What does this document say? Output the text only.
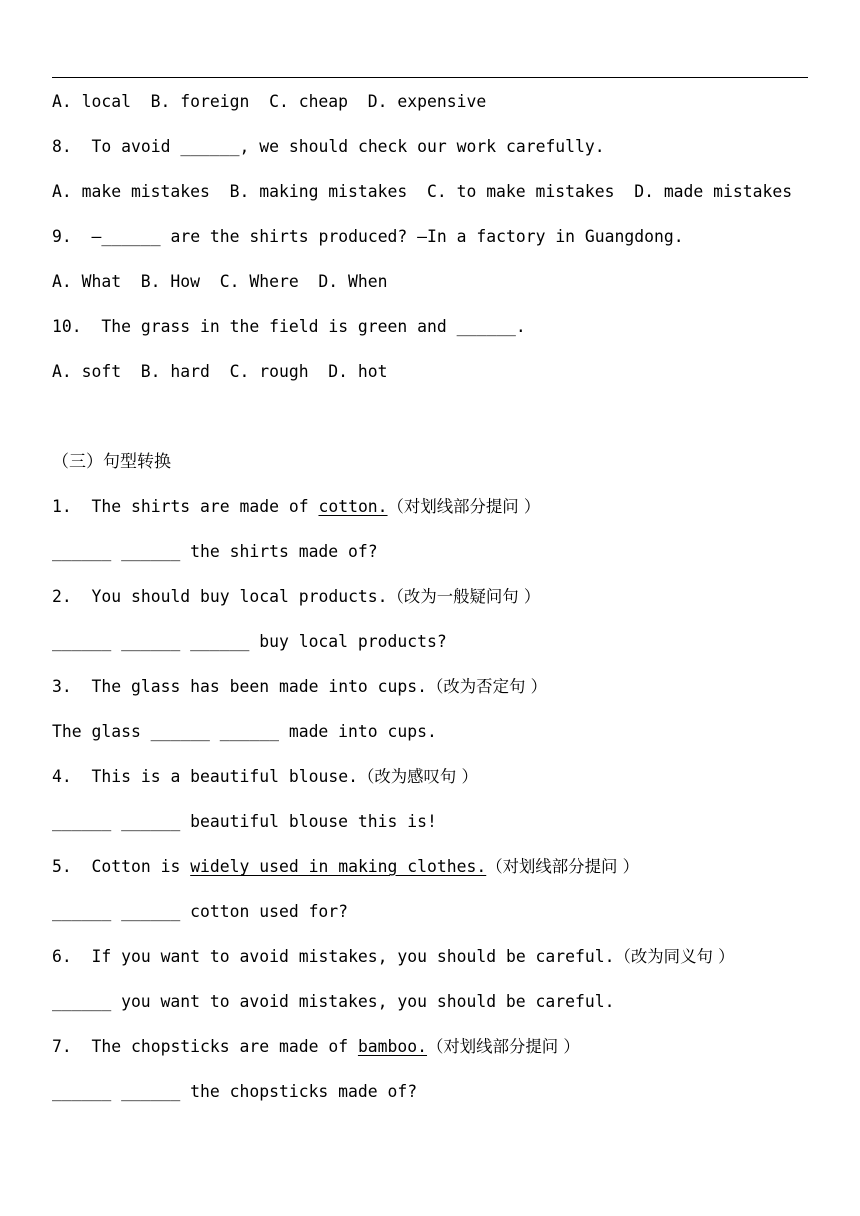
A. local  B. foreign  C. cheap  D. expensive
8. To avoid ______, we should check our work carefully.
A. make mistakes  B. making mistakes  C. to make mistakes  D. made mistakes
9. —______ are the shirts produced? —In a factory in Guangdong.
A. What  B. How  C. Where  D. When
10. The grass in the field is green and ______.
A. soft  B. hard  C. rough  D. hot
（三）句型转换
1. The shirts are made of cotton.（对划线部分提问 ）
______ ______ the shirts made of?
2. You should buy local products.（改为一般疑问句 ）
______ ______ ______ buy local products?
3. The glass has been made into cups.（改为否定句 ）
The glass ______ ______ made into cups.
4. This is a beautiful blouse.（改为感叹句 ）
______ ______ beautiful blouse this is!
5. Cotton is widely used in making clothes.（对划线部分提问 ）
______ ______ cotton used for?
6. If you want to avoid mistakes, you should be careful.（改为同义句 ）
______ you want to avoid mistakes, you should be careful.
7. The chopsticks are made of bamboo.（对划线部分提问 ）
______ ______ the chopsticks made of?
